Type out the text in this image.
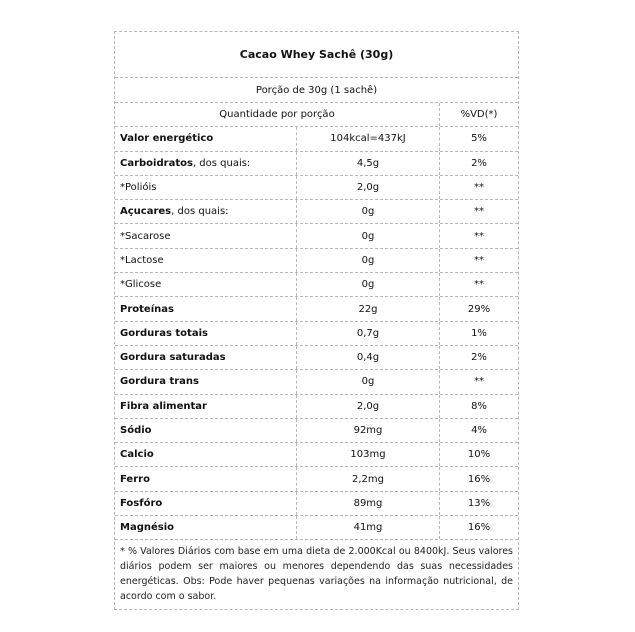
Cacao Whey Sachê (30g)
Porção de 30g (1 sachê)
Quantidade por porção	%VD(*)
Valor energético	104kcal=437kJ	5%
Carboidratos , dos quais:	4,5g	2%
*Polióis	2,0g	**
Açucares , dos quais:	0g	**
*Sacarose	0g	**
*Lactose	0g	**
*Glicose	0g	**
Proteínas	22g	29%
Gorduras totais	0,7g	1%
Gordura saturadas	0,4g	2%
Gordura trans	0g	**
Fibra alimentar	2,0g	8%
Sódio	92mg	4%
Calcio	103mg	10%
Ferro	2,2mg	16%
Fosfóro	89mg	13%
Magnésio	41mg	16%
* % Valores Diários com base em uma dieta de 2.000Kcal ou 8400kJ. Seus valores diários podem ser maiores ou menores dependendo das suas necessidades energéticas. Obs: Pode haver pequenas variações na informação nutricional, de acordo com o sabor.
